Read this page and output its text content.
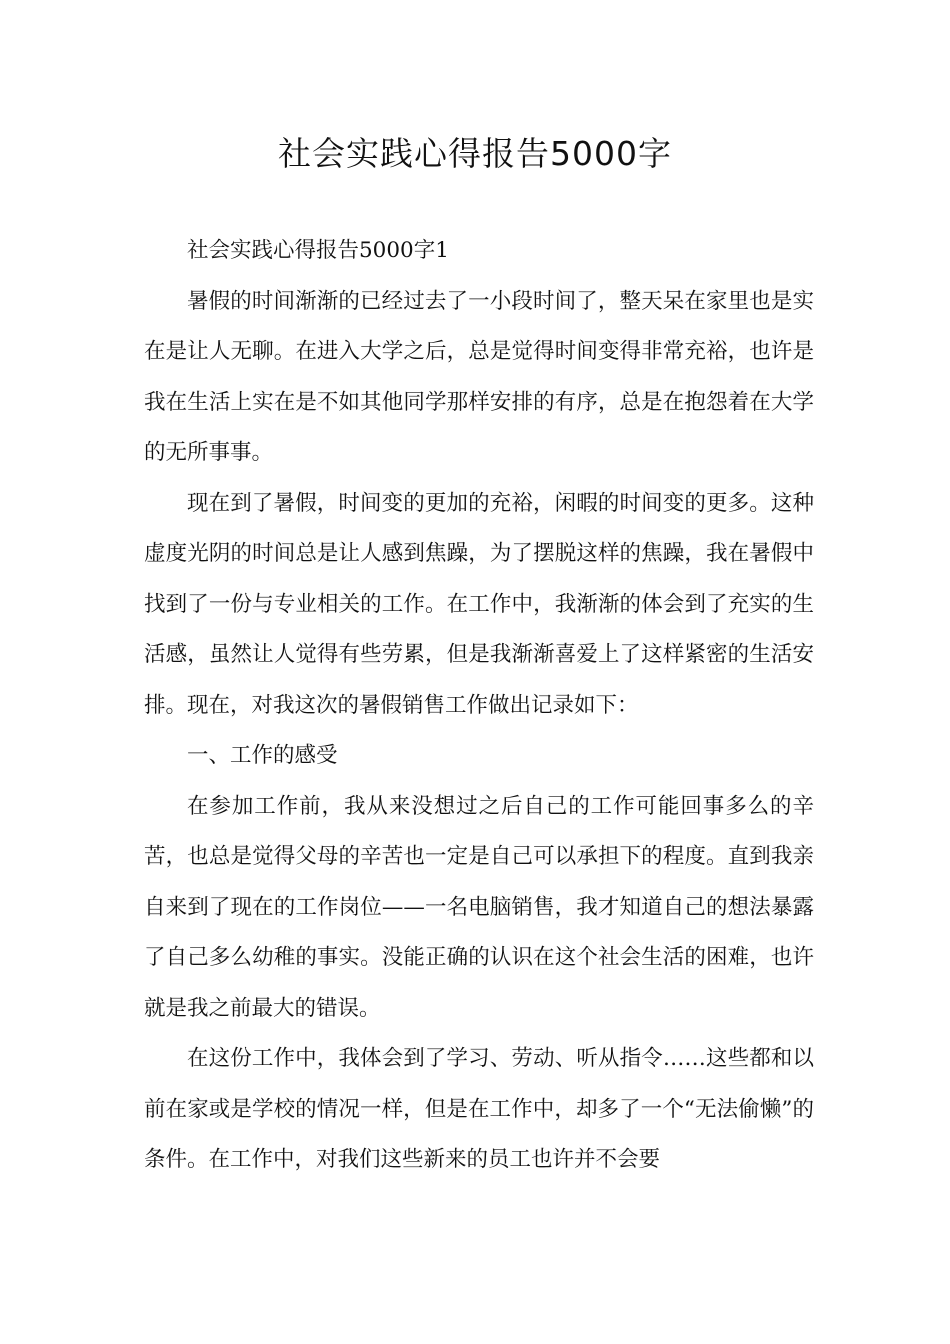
社会实践心得报告5000字

社会实践心得报告5000字1

暑假的时间渐渐的已经过去了一小段时间了，整天呆在家里也是实在是让人无聊。在进入大学之后，总是觉得时间变得非常充裕，也许是我在生活上实在是不如其他同学那样安排的有序，总是在抱怨着在大学的无所事事。

现在到了暑假，时间变的更加的充裕，闲暇的时间变的更多。这种虚度光阴的时间总是让人感到焦躁，为了摆脱这样的焦躁，我在暑假中找到了一份与专业相关的工作。在工作中，我渐渐的体会到了充实的生活感，虽然让人觉得有些劳累，但是我渐渐喜爱上了这样紧密的生活安排。现在，对我这次的暑假销售工作做出记录如下：

一、工作的感受

在参加工作前，我从来没想过之后自己的工作可能回事多么的辛苦，也总是觉得父母的辛苦也一定是自己可以承担下的程度。直到我亲自来到了现在的工作岗位——一名电脑销售，我才知道自己的想法暴露了自己多么幼稚的事实。没能正确的认识在这个社会生活的困难，也许就是我之前最大的错误。

在这份工作中，我体会到了学习、劳动、听从指令……这些都和以前在家或是学校的情况一样，但是在工作中，却多了一个“无法偷懒”的条件。在工作中，对我们这些新来的员工也许并不会要
